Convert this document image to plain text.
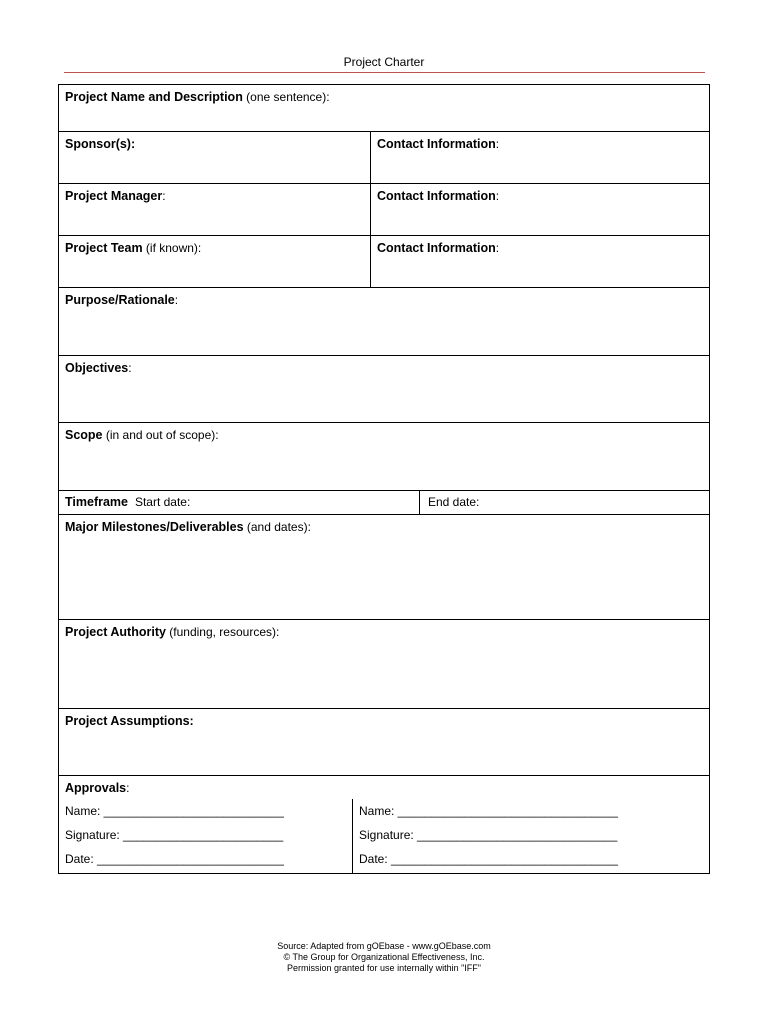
Project Charter
Project Name and Description (one sentence):
Sponsor(s):	Contact Information:
Project Manager:	Contact Information:
Project Team (if known):	Contact Information:
Purpose/Rationale:
Objectives:
Scope (in and out of scope):
Timeframe Start date:	End date:
Major Milestones/Deliverables (and dates):
Project Authority (funding, resources):
Project Assumptions:
Approvals:
Name: ___________________________
Signature: ________________________
Date: ____________________________
Name: _________________________________
Signature: ______________________________
Date: __________________________________
Source: Adapted from gOEbase - www.gOEbase.com
© The Group for Organizational Effectiveness, Inc.
Permission granted for use internally within "IFF"
